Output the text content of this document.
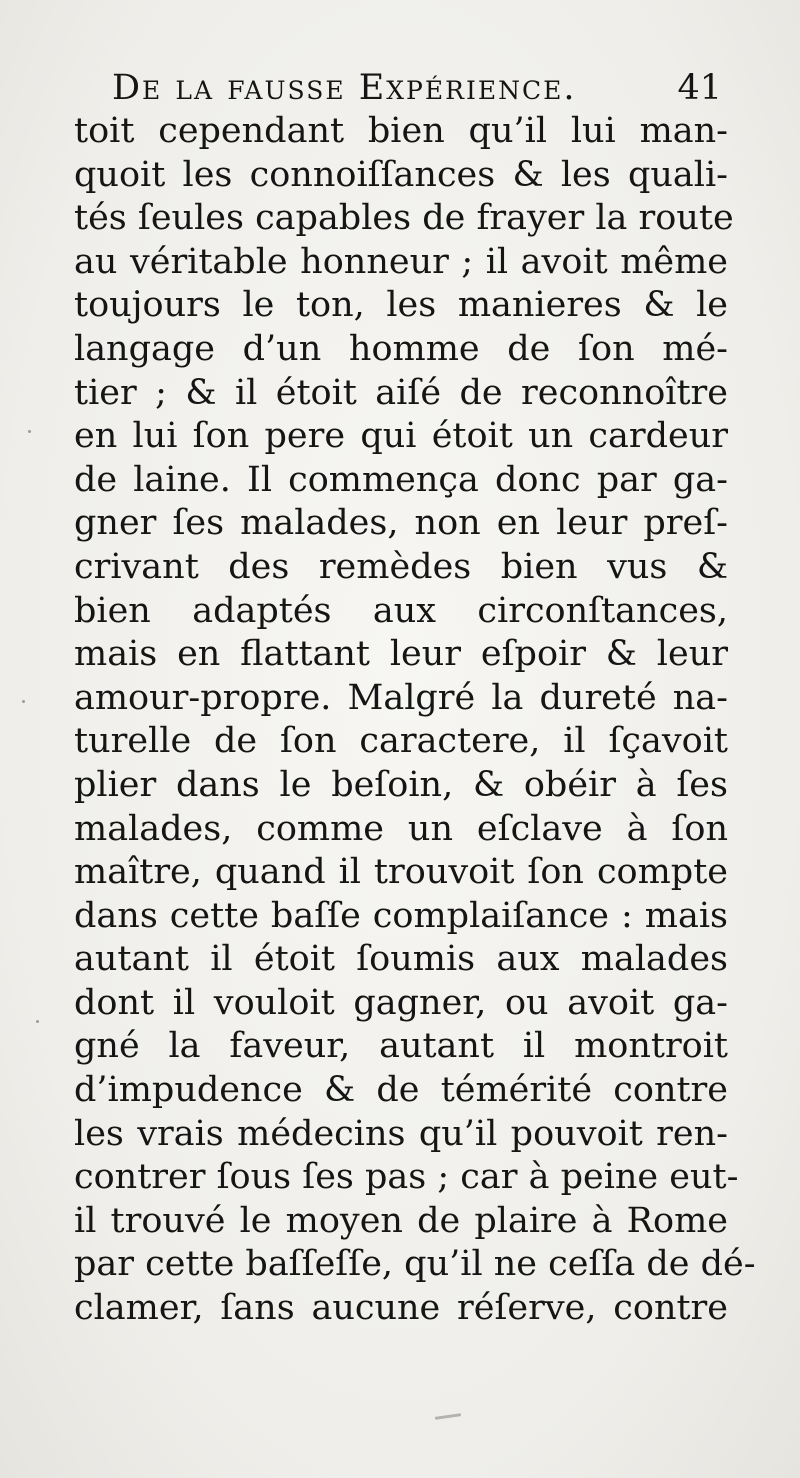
De la fausse Expérience.	41
toit cependant bien qu’il lui man-
quoit les connoiſſances & les quali-
tés ſeules capables de frayer la route
au véritable honneur ; il avoit même
toujours le ton, les manieres & le
langage d’un homme de ſon mé-
tier ; & il étoit aiſé de reconnoître
en lui ſon pere qui étoit un cardeur
de laine. Il commença donc par ga-
gner ſes malades, non en leur preſ-
crivant des remèdes bien vus &
bien adaptés aux circonſtances,
mais en flattant leur eſpoir & leur
amour-propre. Malgré la dureté na-
turelle de ſon caractere, il ſçavoit
plier dans le beſoin, & obéir à ſes
malades, comme un eſclave à ſon
maître, quand il trouvoit ſon compte
dans cette baſſe complaiſance : mais
autant il étoit ſoumis aux malades
dont il vouloit gagner, ou avoit ga-
gné la faveur, autant il montroit
d’impudence & de témérité contre
les vrais médecins qu’il pouvoit ren-
contrer ſous ſes pas ; car à peine eut-
il trouvé le moyen de plaire à Rome
par cette baſſeſſe, qu’il ne ceſſa de dé-
clamer, ſans aucune réſerve, contre
